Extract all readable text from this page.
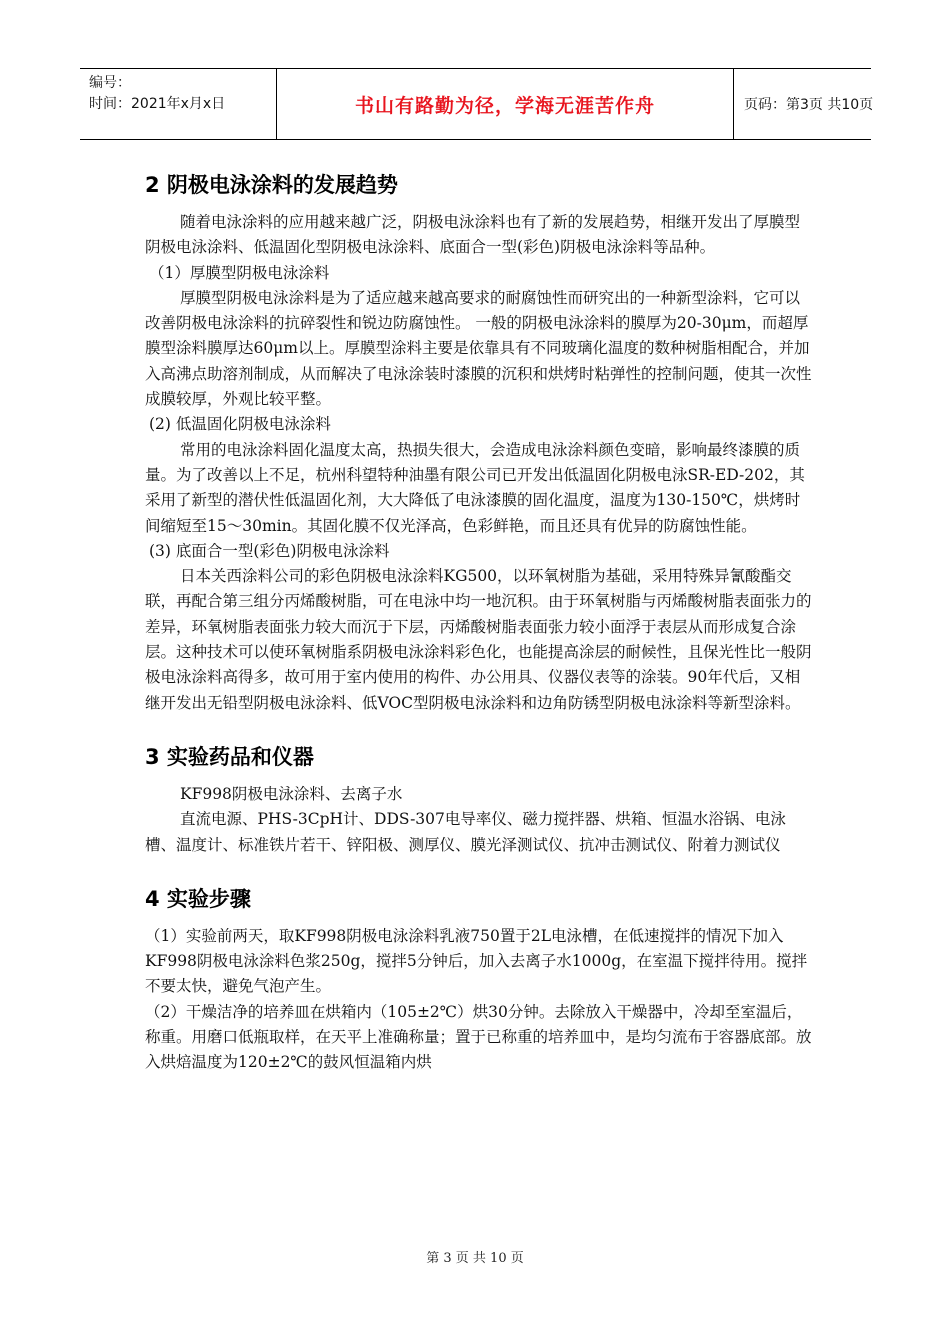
编号：
时间：2021年x月x日	书山有路勤为径，学海无涯苦作舟	页码：第3页 共10页
2 阴极电泳涂料的发展趋势

随着电泳涂料的应用越来越广泛，阴极电泳涂料也有了新的发展趋势，相继开发出了厚膜型阴极电泳涂料、低温固化型阴极电泳涂料、底面合一型(彩色)阴极电泳涂料等品种。

（1）厚膜型阴极电泳涂料

厚膜型阴极电泳涂料是为了适应越来越高要求的耐腐蚀性而研究出的一种新型涂料，它可以改善阴极电泳涂料的抗碎裂性和锐边防腐蚀性。 一般的阴极电泳涂料的膜厚为20-30μm，而超厚膜型涂料膜厚达60μm以上。厚膜型涂料主要是依靠具有不同玻璃化温度的数种树脂相配合，并加入高沸点助溶剂制成，从而解决了电泳涂装时漆膜的沉积和烘烤时粘弹性的控制问题，使其一次性成膜较厚，外观比较平整。

(2) 低温固化阴极电泳涂料

常用的电泳涂料固化温度太高，热损失很大，会造成电泳涂料颜色变暗，影响最终漆膜的质量。为了改善以上不足，杭州科望特种油墨有限公司已开发出低温固化阴极电泳SR-ED-202，其采用了新型的潜伏性低温固化剂，大大降低了电泳漆膜的固化温度，温度为130-150℃，烘烤时间缩短至15～30min。其固化膜不仅光泽高，色彩鲜艳，而且还具有优异的防腐蚀性能。

(3) 底面合一型(彩色)阴极电泳涂料

日本关西涂料公司的彩色阴极电泳涂料KG500，以环氧树脂为基础，采用特殊异氰酸酯交联，再配合第三组分丙烯酸树脂，可在电泳中均一地沉积。由于环氧树脂与丙烯酸树脂表面张力的差异，环氧树脂表面张力较大而沉于下层，丙烯酸树脂表面张力较小面浮于表层从而形成复合涂层。这种技术可以使环氧树脂系阴极电泳涂料彩色化，也能提高涂层的耐候性，且保光性比一般阴极电泳涂料高得多，故可用于室内使用的构件、办公用具、仪器仪表等的涂装。90年代后，又相继开发出无铅型阴极电泳涂料、低VOC型阴极电泳涂料和边角防锈型阴极电泳涂料等新型涂料。

3 实验药品和仪器

KF998阴极电泳涂料、去离子水

直流电源、PHS-3CpH计、DDS-307电导率仪、磁力搅拌器、烘箱、恒温水浴锅、电泳槽、温度计、标准铁片若干、锌阳极、测厚仪、膜光泽测试仪、抗冲击测试仪、附着力测试仪

4 实验步骤

（1）实验前两天，取KF998阴极电泳涂料乳液750置于2L电泳槽，在低速搅拌的情况下加入KF998阴极电泳涂料色浆250g，搅拌5分钟后，加入去离子水1000g，在室温下搅拌待用。搅拌不要太快，避免气泡产生。

（2）干燥洁净的培养皿在烘箱内（105±2℃）烘30分钟。去除放入干燥器中，冷却至室温后，称重。用磨口低瓶取样，在天平上准确称量；置于已称重的培养皿中，是均匀流布于容器底部。放入烘焙温度为120±2℃的鼓风恒温箱内烘

第 3 页 共 10 页
